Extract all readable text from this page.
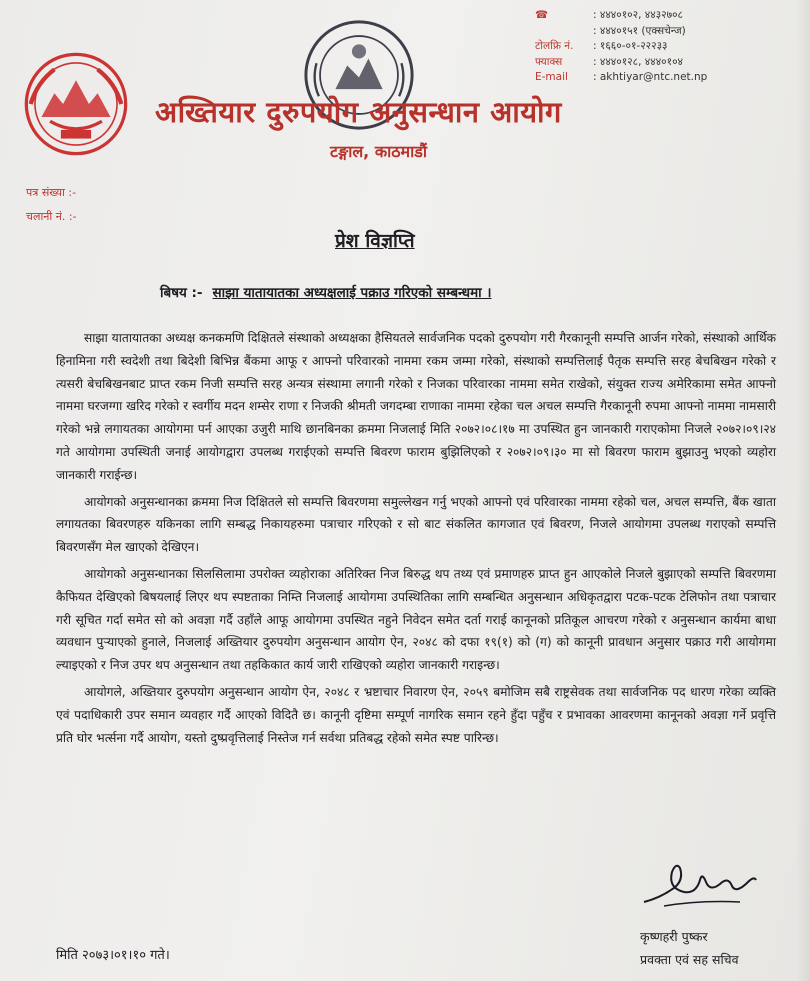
☎	: ४४४०१०२, ४४३२७०८
: ४४४०१५१ (एक्सचेन्ज)
टोलफ्रि नं.	: १६६०-०१-२२२३३
फ्याक्स	: ४४४०१२८, ४४४०१०४
E-mail	: akhtiyar@ntc.net.np
अख्तियार दुरुपयोग अनुसन्धान आयोग
टङ्गाल, काठमाडौं
पत्र संख्या :-
चलानी नं. :-
प्रेश विज्ञप्ति
बिषय :- साझा यातायातका अध्यक्षलाई पक्राउ गरिएको सम्बन्धमा ।

साझा यातायातका अध्यक्ष कनकमणि दिक्षितले संस्थाको अध्यक्षका हैसियतले सार्वजनिक पदको दुरुपयोग गरी गैरकानूनी सम्पत्ति आर्जन गरेको, संस्थाको आर्थिक हिनामिना गरी स्वदेशी तथा बिदेशी बिभिन्न बैंकमा आफू र आफ्नो परिवारको नाममा रकम जम्मा गरेको, संस्थाको सम्पत्तिलाई पैतृक सम्पत्ति सरह बेचबिखन गरेको र त्यसरी बेचबिखनबाट प्राप्त रकम निजी सम्पत्ति सरह अन्यत्र संस्थामा लगानी गरेको र निजका परिवारका नाममा समेत राखेको, संयुक्त राज्य अमेरिकामा समेत आफ्नो नाममा घरजग्गा खरिद गरेको र स्वर्गीय मदन शम्सेर राणा र निजकी श्रीमती जगदम्बा राणाका नाममा रहेका चल अचल सम्पत्ति गैरकानूनी रुपमा आफ्नो नाममा नामसारी गरेको भन्ने लगायतका आयोगमा पर्न आएका उजुरी माथि छानबिनका क्रममा निजलाई मिति २०७२।०८।१७ मा उपस्थित हुन जानकारी गराएकोमा निजले २०७२।०९।२४ गते आयोगमा उपस्थिती जनाई आयोगद्वारा उपलब्ध गराईएको सम्पत्ति बिवरण फाराम बुझिलिएको र २०७२।०९।३० मा सो बिवरण फाराम बुझाउनु भएको व्यहोरा जानकारी गराईन्छ।

आयोगको अनुसन्धानका क्रममा निज दिक्षितले सो सम्पत्ति बिवरणमा समुल्लेखन गर्नु भएको आफ्नो एवं परिवारका नाममा रहेको चल, अचल सम्पत्ति, बैंक खाता लगायतका बिवरणहरु यकिनका लागि सम्बद्ध निकायहरुमा पत्राचार गरिएको र सो बाट संकलित कागजात एवं बिवरण, निजले आयोगमा उपलब्ध गराएको सम्पत्ति बिवरणसँग मेल खाएको देखिएन।

आयोगको अनुसन्धानका सिलसिलामा उपरोक्त व्यहोराका अतिरिक्त निज बिरुद्ध थप तथ्य एवं प्रमाणहरु प्राप्त हुन आएकोले निजले बुझाएको सम्पत्ति बिवरणमा कैफियत देखिएको बिषयलाई लिएर थप स्पष्टताका निम्ति निजलाई आयोगमा उपस्थितिका लागि सम्बन्धित अनुसन्धान अधिकृतद्वारा पटक-पटक टेलिफोन तथा पत्राचार गरी सूचित गर्दा समेत सो को अवज्ञा गर्दै उहाँले आफू आयोगमा उपस्थित नहुने निवेदन समेत दर्ता गराई कानूनको प्रतिकूल आचरण गरेको र अनुसन्धान कार्यमा बाधा व्यवधान पुर्‍याएको हुनाले, निजलाई अख्तियार दुरुपयोग अनुसन्धान आयोग ऐन, २०४८ को दफा १९(१) को (ग) को कानूनी प्रावधान अनुसार पक्राउ गरी आयोगमा ल्याइएको र निज उपर थप अनुसन्धान तथा तहकिकात कार्य जारी राखिएको व्यहोरा जानकारी गराइन्छ।

आयोगले, अख्तियार दुरुपयोग अनुसन्धान आयोग ऐन, २०४८ र भ्रष्टाचार निवारण ऐन, २०५९ बमोजिम सबै राष्ट्रसेवक तथा सार्वजनिक पद धारण गरेका व्यक्ति एवं पदाधिकारी उपर समान व्यवहार गर्दै आएको विदितै छ। कानूनी दृष्टिमा सम्पूर्ण नागरिक समान रहने हुँदा पहुँच र प्रभावका आवरणमा कानूनको अवज्ञा गर्ने प्रवृत्ति प्रति घोर भर्त्सना गर्दै आयोग, यस्तो दुष्प्रवृत्तिलाई निस्तेज गर्न सर्वथा प्रतिबद्ध रहेको समेत स्पष्ट पारिन्छ।

कृष्णहरी पुष्कर
प्रवक्ता एवं सह सचिव
मिति २०७३।०१।१० गते।
